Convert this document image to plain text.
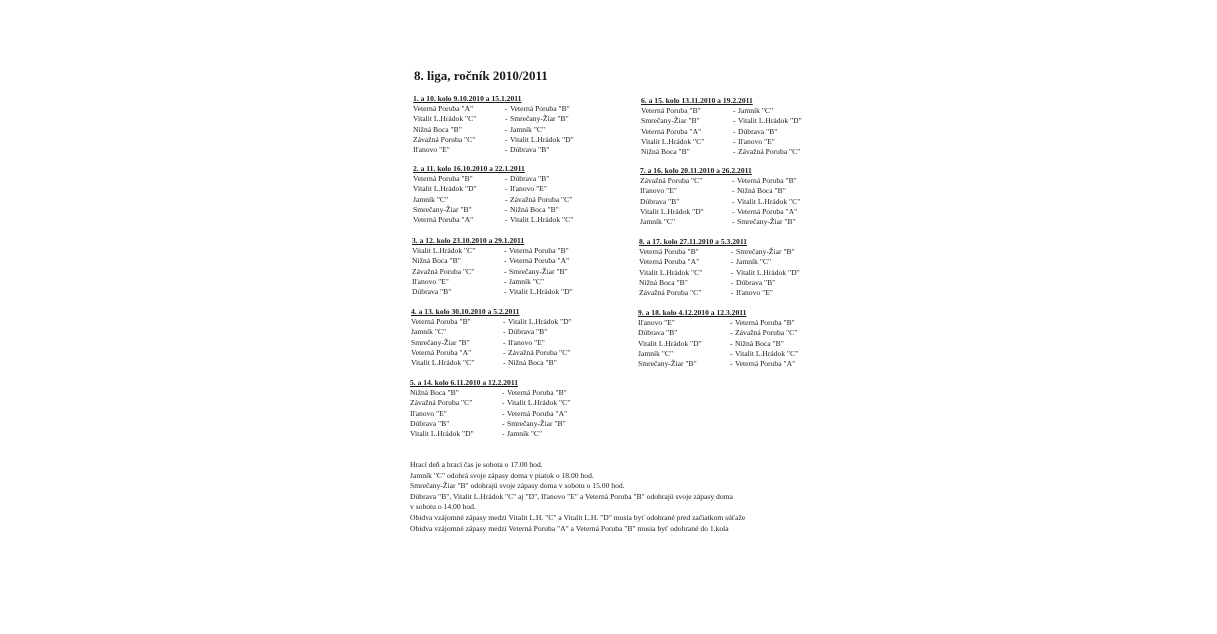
8. liga, ročník 2010/2011
1. a 10. kolo 9.10.2010 a 15.1.2011
Veterná Poruba "A"	- Veterná Poruba "B"
Vitalit L.Hrádok "C"	- Smrečany-Žiar "B"
Nižná Boca "B"	- Jamník "C"
Závažná Poruba "C"	- Vitalit L.Hrádok "D"
Iľanovo "E"	- Dúbrava "B"
2. a 11. kolo 16.10.2010 a 22.1.2011
Veterná Poruba "B"	- Dúbrava "B"
Vitalit L.Hrádok "D"	- Iľanovo "E"
Jamník "C"	- Závažná Poruba "C"
Smrečany-Žiar "B"	- Nižná Boca "B"
Veterná Poruba "A"	- Vitalit L.Hrádok "C"
3. a 12. kolo 23.10.2010 a 29.1.2011
Vitalit L.Hrádok "C"	- Veterná Poruba "B"
Nižná Boca "B"	- Veterná Poruba "A"
Závažná Poruba "C"	- Smrečany-Žiar "B"
Iľanovo "E"	- Jamník "C"
Dúbrava "B"	- Vitalit L.Hrádok "D"
4. a 13. kolo 30.10.2010 a 5.2.2011
Veterná Poruba "B"	- Vitalit L.Hrádok "D"
Jamník "C"	- Dúbrava "B"
Smrečany-Žiar "B"	- Iľanovo "E"
Veterná Poruba "A"	- Závažná Poruba "C"
Vitalit L.Hrádok "C"	- Nižná Boca "B"
5. a 14. kolo 6.11.2010 a 12.2.2011
Nižná Boca "B"	- Veterná Poruba "B"
Závažná Poruba "C"	- Vitalit L.Hrádok "C"
Iľanovo "E"	- Veterná Poruba "A"
Dúbrava "B"	- Smrečany-Žiar "B"
Vitalit L.Hrádok "D"	- Jamník "C"
6. a 15. kolo 13.11.2010 a 19.2.2011
Veterná Poruba "B"	- Jamník "C"
Smrečany-Žiar "B"	- Vitalit L.Hrádok "D"
Veterná Poruba "A"	- Dúbrava "B"
Vitalit L.Hrádok "C"	- Iľanovo "E"
Nižná Boca "B"	- Závažná Poruba "C"
7. a 16. kolo 20.11.2010 a 26.2.2011
Závažná Poruba "C"	- Veterná Poruba "B"
Iľanovo "E"	- Nižná Boca "B"
Dúbrava "B"	- Vitalit L.Hrádok "C"
Vitalit L.Hrádok "D"	- Veterná Poruba "A"
Jamník "C"	- Smrečany-Žiar "B"
8. a 17. kolo 27.11.2010 a 5.3.2011
Veterná Poruba "B"	- Smrečany-Žiar "B"
Veterná Poruba "A"	- Jamník "C"
Vitalit L.Hrádok "C"	- Vitalit L.Hrádok "D"
Nižná Boca "B"	- Dúbrava "B"
Závažná Poruba "C"	- Iľanovo "E"
9. a 18. kolo 4.12.2010 a 12.3.2011
Iľanovo "E"	- Veterná Poruba "B"
Dúbrava "B"	- Závažná Poruba "C"
Vitalit L.Hrádok "D"	- Nižná Boca "B"
Jamník "C"	- Vitalit L.Hrádok "C"
Smrečany-Žiar "B"	- Veterná Poruba "A"
Hrací deň a hrací čas je sobota o 17.00 hod.
Jamník "C" odohrá svoje zápasy doma v piatok o 18.00 hod.
Smrečany-Žiar "B" odohrajú svoje zápasy doma v sobotu o 15.00 hod.
Dúbrava "B", Vitalit L.Hrádok "C" aj "D", Iľanovo "E" a Veterná Poruba "B" odohrajú svoje zápasy doma
v sobotu o 14.00 hod.
Obidva vzájomné zápasy medzi Vitalit L.H. "C" a Vitalit L.H. "D" musia byť odohrané pred začiatkom súťaže
Obidva vzájomné zápasy medzi Veterná Poruba "A" a Veterná Poruba "B" musia byť odohrané do 1.kola
